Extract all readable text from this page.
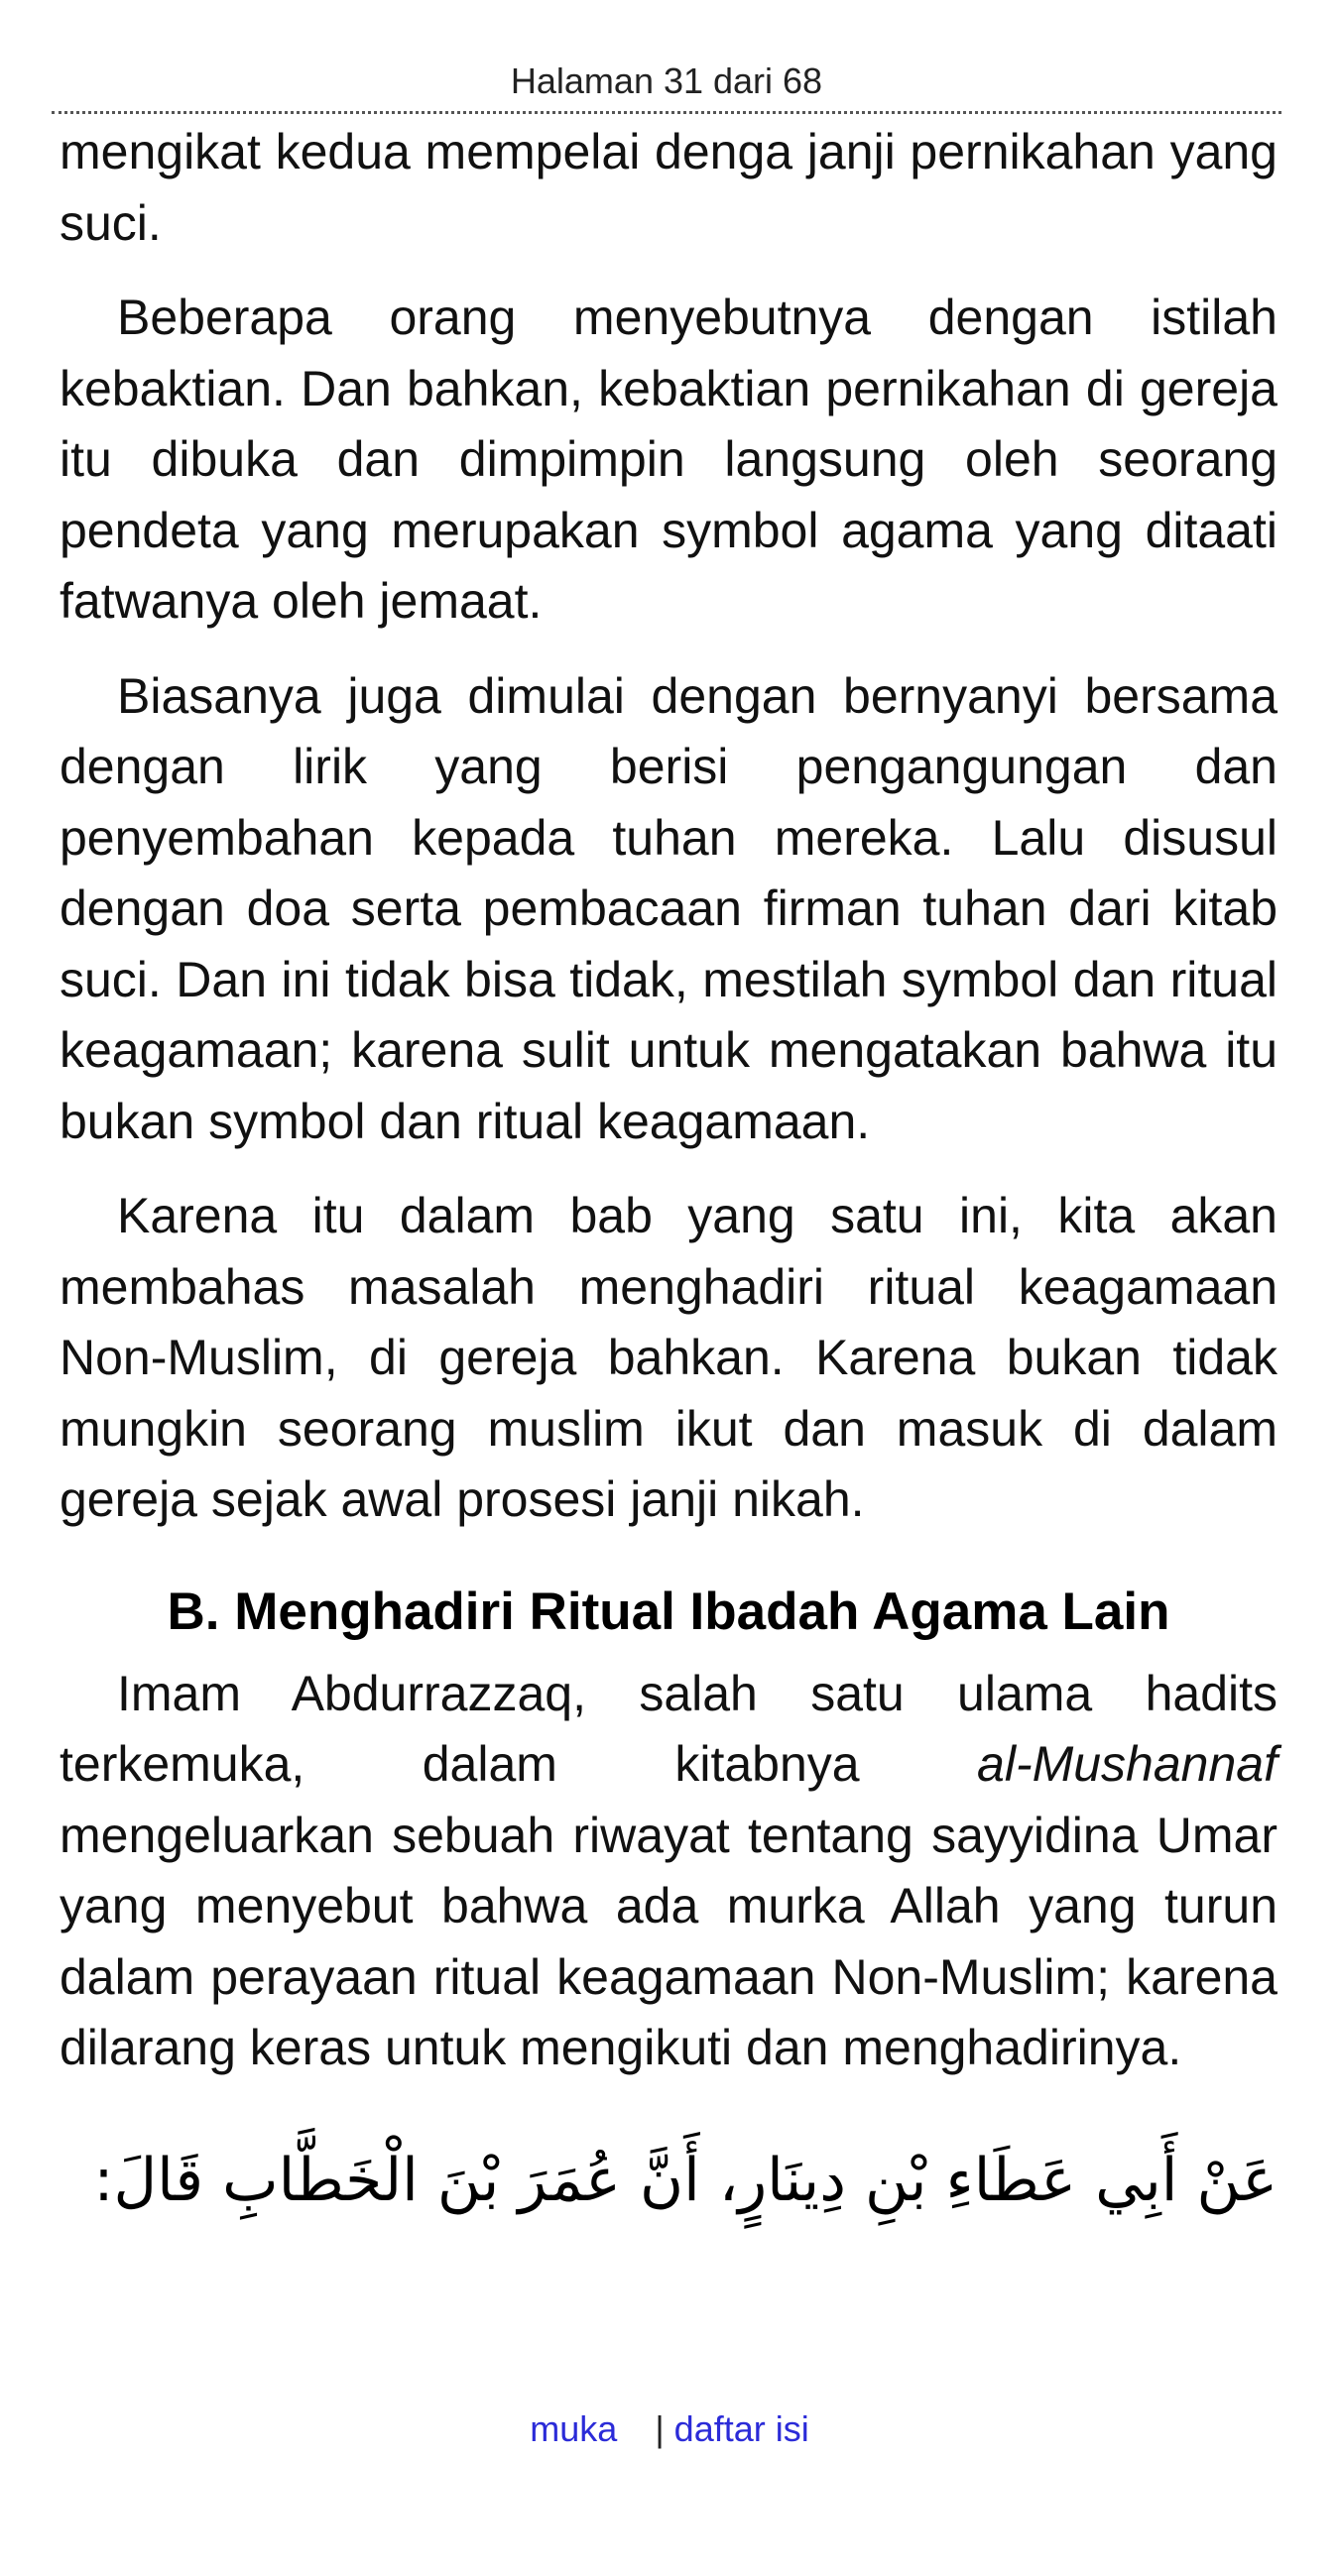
Halaman 31 dari 68

mengikat kedua mempelai denga janji pernikahan yang suci.

Beberapa orang menyebutnya dengan istilah kebaktian. Dan bahkan, kebaktian pernikahan di gereja itu dibuka dan dimpimpin langsung oleh seorang pendeta yang merupakan symbol agama yang ditaati fatwanya oleh jemaat.

Biasanya juga dimulai dengan bernyanyi bersama dengan lirik yang berisi pengangungan dan penyembahan kepada tuhan mereka. Lalu disusul dengan doa serta pembacaan firman tuhan dari kitab suci. Dan ini tidak bisa tidak, mestilah symbol dan ritual keagamaan; karena sulit untuk mengatakan bahwa itu bukan symbol dan ritual keagamaan.

Karena itu dalam bab yang satu ini, kita akan membahas masalah menghadiri ritual keagamaan Non-Muslim, di gereja bahkan. Karena bukan tidak mungkin seorang muslim ikut dan masuk di dalam gereja sejak awal prosesi janji nikah.

B. Menghadiri Ritual Ibadah Agama Lain

Imam Abdurrazzaq, salah satu ulama hadits terkemuka, dalam kitabnya al-Mushannaf mengeluarkan sebuah riwayat tentang sayyidina Umar yang menyebut bahwa ada murka Allah yang turun dalam perayaan ritual keagamaan Non-Muslim; karena dilarang keras untuk mengikuti dan menghadirinya.

عَنْ أَبِي عَطَاءِ بْنِ دِينَارٍ، أَنَّ عُمَرَ بْنَ الْخَطَّابِ قَالَ:
muka | daftar isi
